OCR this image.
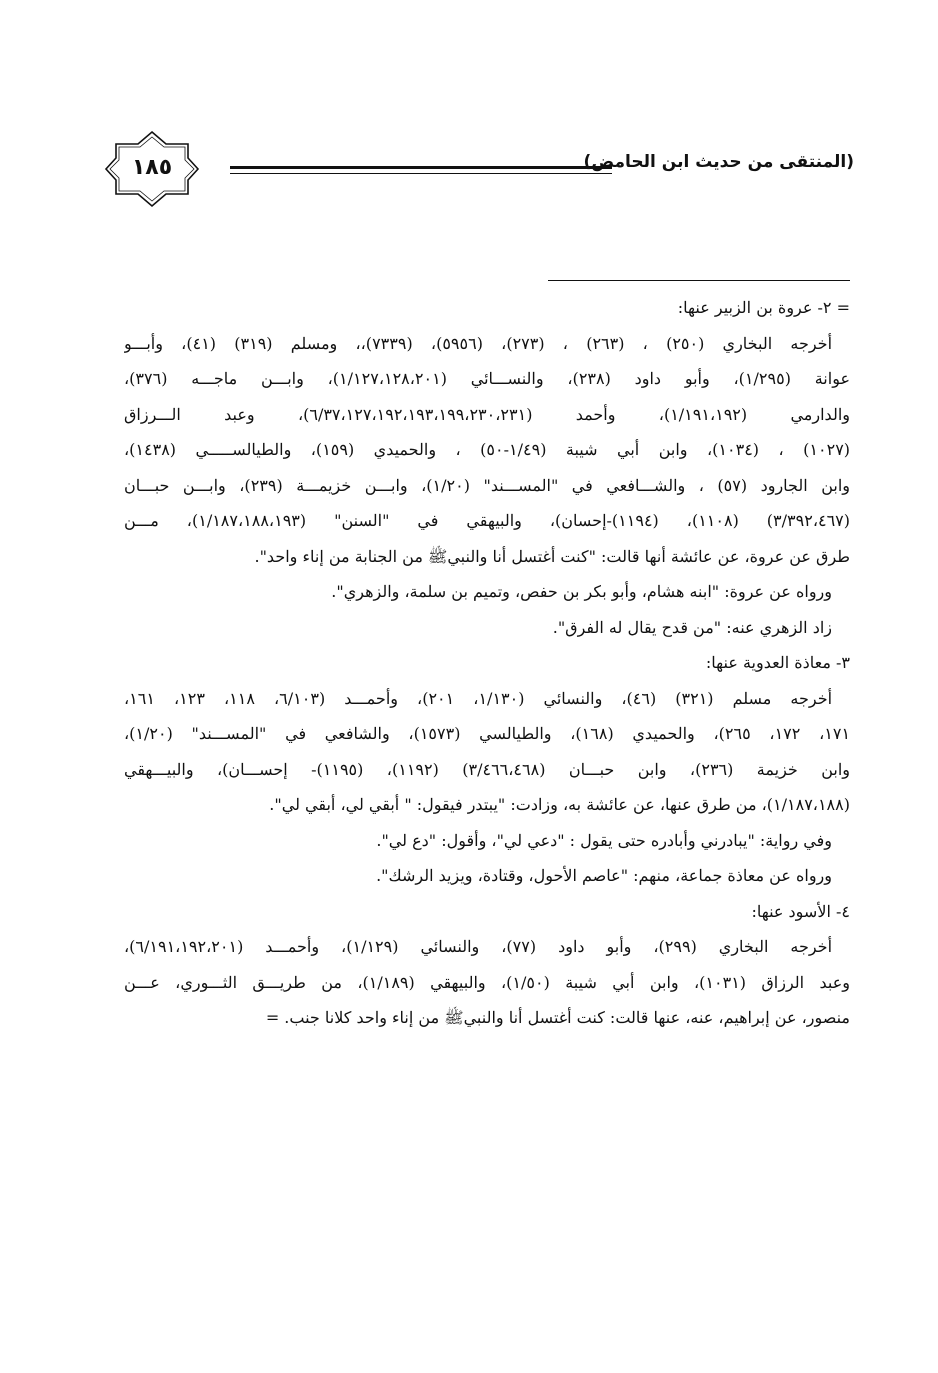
(المنتقى من حديث ابن الحامض)
١٨٥
= ٢- عروة بن الزبير عنها:
أخرجه البخاري (٢٥٠) ، (٢٦٣) ، (٢٧٣)، (٥٩٥٦)، (٧٣٣٩)،، ومسلم (٣١٩) (٤١)، وأبـــو
عوانة (١/٢٩٥)، وأبو داود (٢٣٨)، والنســـائي (١/١٢٧،١٢٨،٢٠١)، وابـــن ماجـــه (٣٧٦)،
والدارمي (١/١٩١،١٩٢)، وأحمد (٦/٣٧،١٢٧،١٩٢،١٩٣،١٩٩،٢٣٠،٢٣١)، وعبد الـــرزاق
(١٠٢٧) ، (١٠٣٤)، وابن أبي شيبة (١/٤٩-٥٠) ، والحميدي (١٥٩)، والطيالســـــي (١٤٣٨)،
وابن الجارود (٥٧) ، والشـــافعي في "المســـند" (١/٢٠)، وابـــن خزيمـــة (٢٣٩)، وابـــن حبـــان
(٣/٣٩٢،٤٦٧) (١١٠٨)، (١١٩٤)-إحسان)، والبيهقي في "السنن" (١/١٨٧،١٨٨،١٩٣)، مـــن
طرق عن عروة، عن عائشة أنها قالت: "كنت أغتسل أنا والنبيﷺ من الجنابة من إناء واحد".
ورواه عن عروة: "ابنه هشام، وأبو بكر بن حفص، وتميم بن سلمة، والزهري".
زاد الزهري عنه: "من قدح يقال له الفرق".
٣- معاذة العدوية عنها:
أخرجه مسلم (٣٢١) (٤٦)، والنسائي (١/١٣٠، ٢٠١)، وأحمـــد (٦/١٠٣، ١١٨، ١٢٣، ١٦١،
١٧١، ١٧٢، ٢٦٥)، والحميدي (١٦٨)، والطيالسي (١٥٧٣)، والشافعي في "المســـند" (١/٢٠)،
وابن خزيمة (٢٣٦)، وابن حبـــان (٣/٤٦٦،٤٦٨) (١١٩٢)، (١١٩٥)- إحســـان)، والبيـــهقي
(١/١٨٧،١٨٨)، من طرق عنها، عن عائشة به، وزادت: "يبتدر فيقول: " أبقي لي، أبقي لي".
وفي رواية: "يبادرني وأبادره حتى يقول : "دعي لي"، وأقول: "دع لي".
ورواه عن معاذة جماعة، منهم: "عاصم الأحول، وقتادة، ويزيد الرشك".
٤- الأسود عنها:
أخرجه البخاري (٢٩٩)، وأبو داود (٧٧)، والنسائي (١/١٢٩)، وأحمـــد (٦/١٩١،١٩٢،٢٠١)،
وعبد الرزاق (١٠٣١)، وابن أبي شيبة (١/٥٠)، والبيهقي (١/١٨٩)، من طريـــق الثـــوري، عـــن
منصور، عن إبراهيم، عنه، عنها قالت: كنت أغتسل أنا والنبيﷺ من إناء واحد كلانا جنب. =
